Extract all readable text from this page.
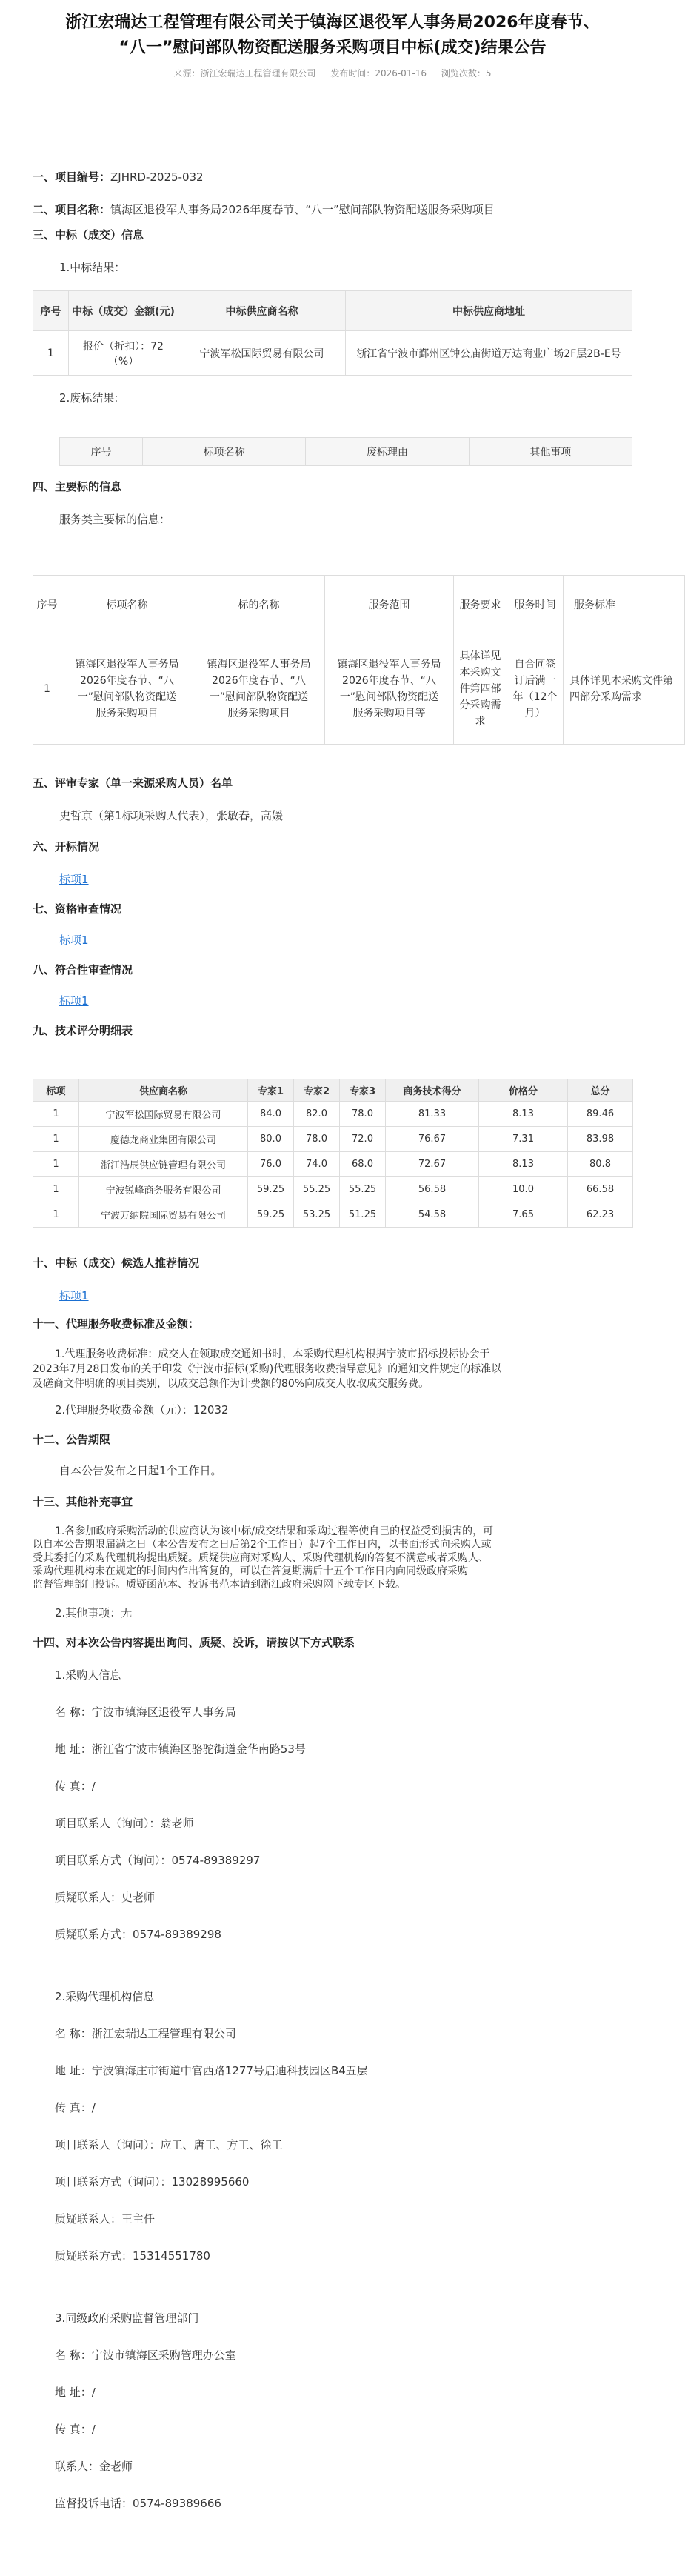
浙江宏瑞达工程管理有限公司关于镇海区退役军人事务局2026年度春节、
“八一”慰问部队物资配送服务采购项目中标(成交)结果公告
来源：浙江宏瑞达工程管理有限公司 发布时间：2026-01-16 浏览次数：5
一、项目编号：ZJHRD-2025-032
二、项目名称：镇海区退役军人事务局2026年度春节、“八一”慰问部队物资配送服务采购项目
三、中标（成交）信息
1.中标结果：
序号	中标（成交）金额(元)	中标供应商名称	中标供应商地址
1	报价（折扣）：72（%）	宁波军松国际贸易有限公司	浙江省宁波市鄞州区钟公庙街道万达商业广场2F层2B-E号
2.废标结果:
序号	标项名称	废标理由	其他事项
四、主要标的信息
服务类主要标的信息：
序号	标项名称	标的名称	服务范围	服务要求	服务时间	服务标准
1	镇海区退役军人事务局2026年度春节、“八一”慰问部队物资配送服务采购项目	镇海区退役军人事务局2026年度春节、“八一”慰问部队物资配送服务采购项目	镇海区退役军人事务局2026年度春节、“八一”慰问部队物资配送服务采购项目等	具体详见本采购文件第四部分采购需求	自合同签订后满一年（12个月）	具体详见本采购文件第四部分采购需求
五、评审专家（单一来源采购人员）名单
史哲京（第1标项采购人代表），张敏春，高媛
六、开标情况
标项1
七、资格审查情况
标项1
八、符合性审查情况
标项1
九、技术评分明细表
标项	供应商名称	专家1	专家2	专家3	商务技术得分	价格分	总分
1	宁波军松国际贸易有限公司	84.0	82.0	78.0	81.33	8.13	89.46
1	慶德龙商业集团有限公司	80.0	78.0	72.0	76.67	7.31	83.98
1	浙江浩辰供应链管理有限公司	76.0	74.0	68.0	72.67	8.13	80.8
1	宁波锐峰商务服务有限公司	59.25	55.25	55.25	56.58	10.0	66.58
1	宁波万纳院国际贸易有限公司	59.25	53.25	51.25	54.58	7.65	62.23
十、中标（成交）候选人推荐情况
标项1
十一、代理服务收费标准及金额：
1.代理服务收费标准：成交人在领取成交通知书时，本采购代理机构根据宁波市招标投标协会于
2023年7月28日发布的关于印发《宁波市招标(采购)代理服务收费指导意见》的通知文件规定的标准以
及磋商文件明确的项目类别，以成交总额作为计费额的80%向成交人收取成交服务费。
2.代理服务收费金额（元）：12032
十二、公告期限
自本公告发布之日起1个工作日。
十三、其他补充事宜
1.各参加政府采购活动的供应商认为该中标/成交结果和采购过程等使自己的权益受到损害的，可
以自本公告期限届满之日（本公告发布之日后第2个工作日）起7个工作日内，以书面形式向采购人或
受其委托的采购代理机构提出质疑。质疑供应商对采购人、采购代理机构的答复不满意或者采购人、
采购代理机构未在规定的时间内作出答复的，可以在答复期满后十五个工作日内向同级政府采购
监督管理部门投诉。质疑函范本、投诉书范本请到浙江政府采购网下载专区下载。
2.其他事项：无
十四、对本次公告内容提出询问、质疑、投诉，请按以下方式联系
1.采购人信息
名 称：宁波市镇海区退役军人事务局
地 址：浙江省宁波市镇海区骆驼街道金华南路53号
传 真：/
项目联系人（询问）：翁老师
项目联系方式（询问）：0574-89389297
质疑联系人：史老师
质疑联系方式：0574-89389298
2.采购代理机构信息
名 称：浙江宏瑞达工程管理有限公司
地 址：宁波镇海庄市街道中官西路1277号启迪科技园区B4五层
传 真：/
项目联系人（询问）：应工、唐工、方工、徐工
项目联系方式（询问）：13028995660
质疑联系人：王主任
质疑联系方式：15314551780
3.同级政府采购监督管理部门
名 称：宁波市镇海区采购管理办公室
地 址：/
传 真：/
联系人：金老师
监督投诉电话：0574-89389666
